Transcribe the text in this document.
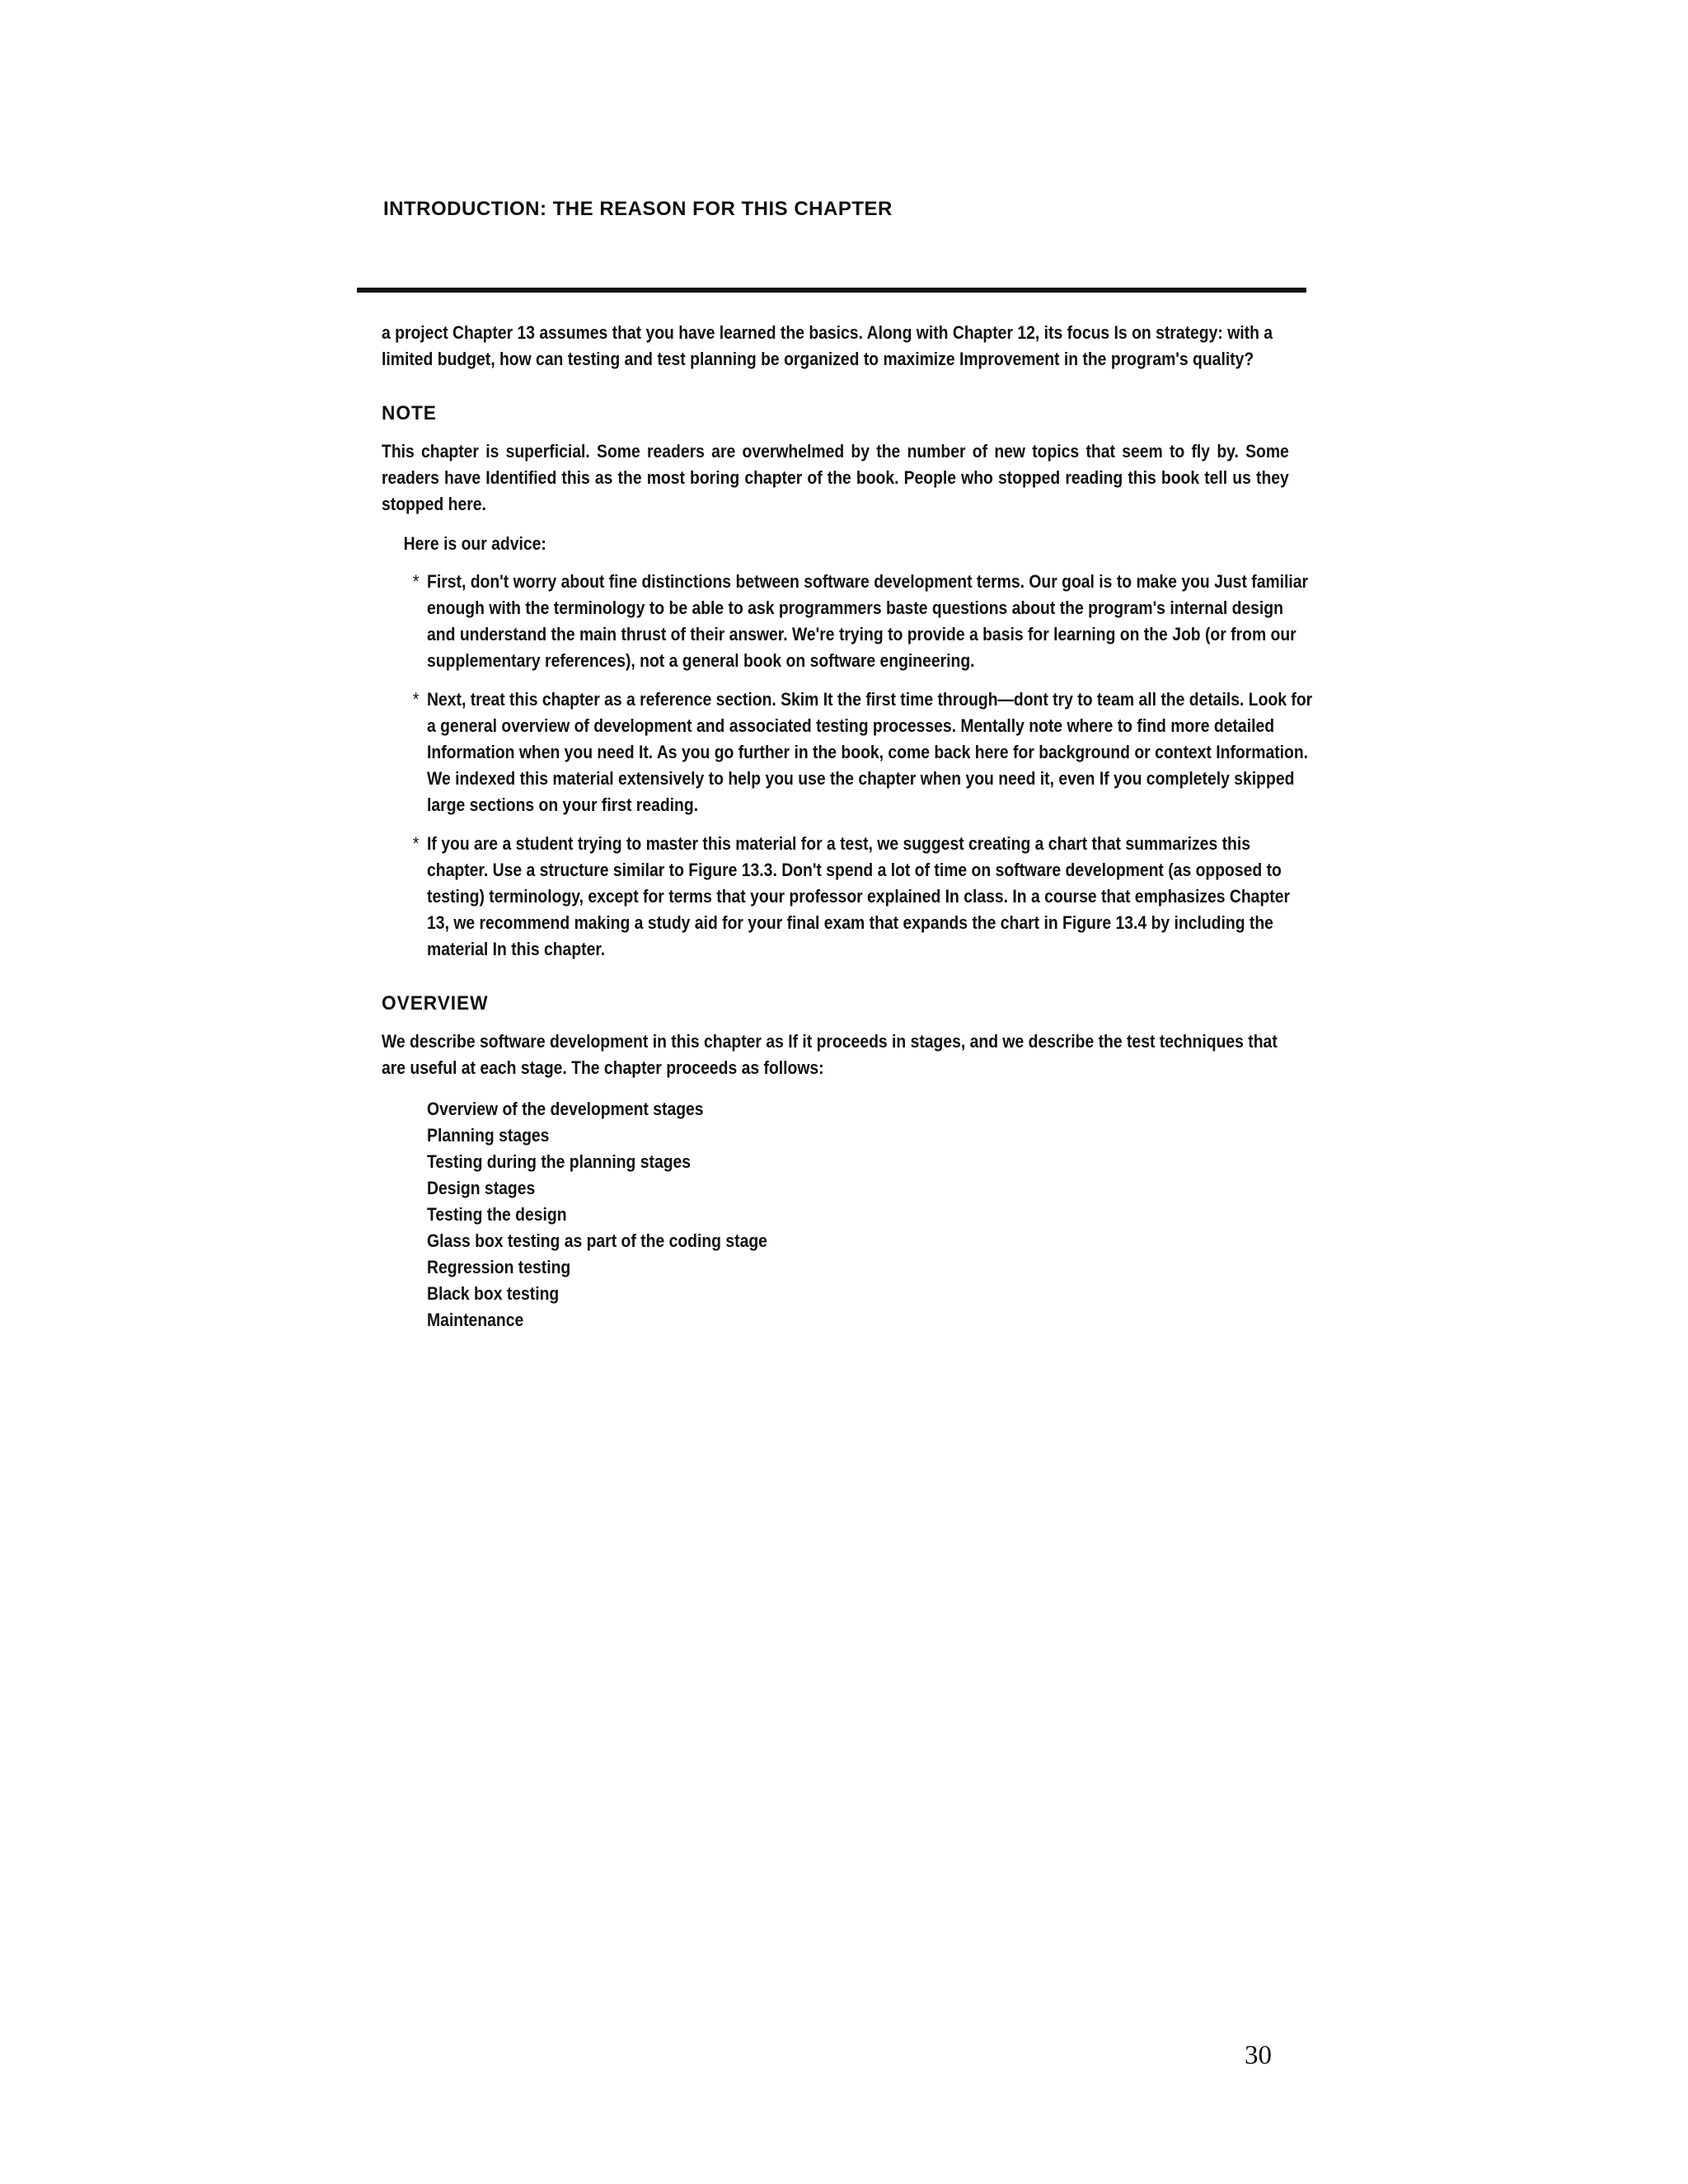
INTRODUCTION: THE REASON FOR THIS CHAPTER

a project Chapter 13 assumes that you have learned the basics. Along with Chapter 12, its focus Is on strategy: with a limited budget, how can testing and test planning be organized to maximize Improvement in the program's quality?

NOTE

This chapter is superficial. Some readers are overwhelmed by the number of new topics that seem to fly by. Some readers have Identified this as the most boring chapter of the book. People who stopped reading this book tell us they stopped here.

Here is our advice:

* First, don't worry about fine distinctions between software development terms. Our goal is to make you Just familiar enough with the terminology to be able to ask programmers baste questions about the program's internal design and understand the main thrust of their answer. We're trying to provide a basis for learning on the Job (or from our supplementary references), not a general book on software engineering.
* Next, treat this chapter as a reference section. Skim It the first time through—dont try to team all the details. Look for a general overview of development and associated testing processes. Mentally note where to find more detailed Information when you need It. As you go further in the book, come back here for background or context Information. We indexed this material extensively to help you use the chapter when you need it, even If you completely skipped large sections on your first reading.
* If you are a student trying to master this material for a test, we suggest creating a chart that summarizes this chapter. Use a structure similar to Figure 13.3. Don't spend a lot of time on software development (as opposed to testing) terminology, except for terms that your professor explained In class. In a course that emphasizes Chapter 13, we recommend making a study aid for your final exam that expands the chart in Figure 13.4 by including the material In this chapter.
OVERVIEW

We describe software development in this chapter as If it proceeds in stages, and we describe the test techniques that are useful at each stage. The chapter proceeds as follows:

Overview of the development stages
Planning stages
Testing during the planning stages
Design stages
Testing the design
Glass box testing as part of the coding stage
Regression testing
Black box testing
Maintenance
30
